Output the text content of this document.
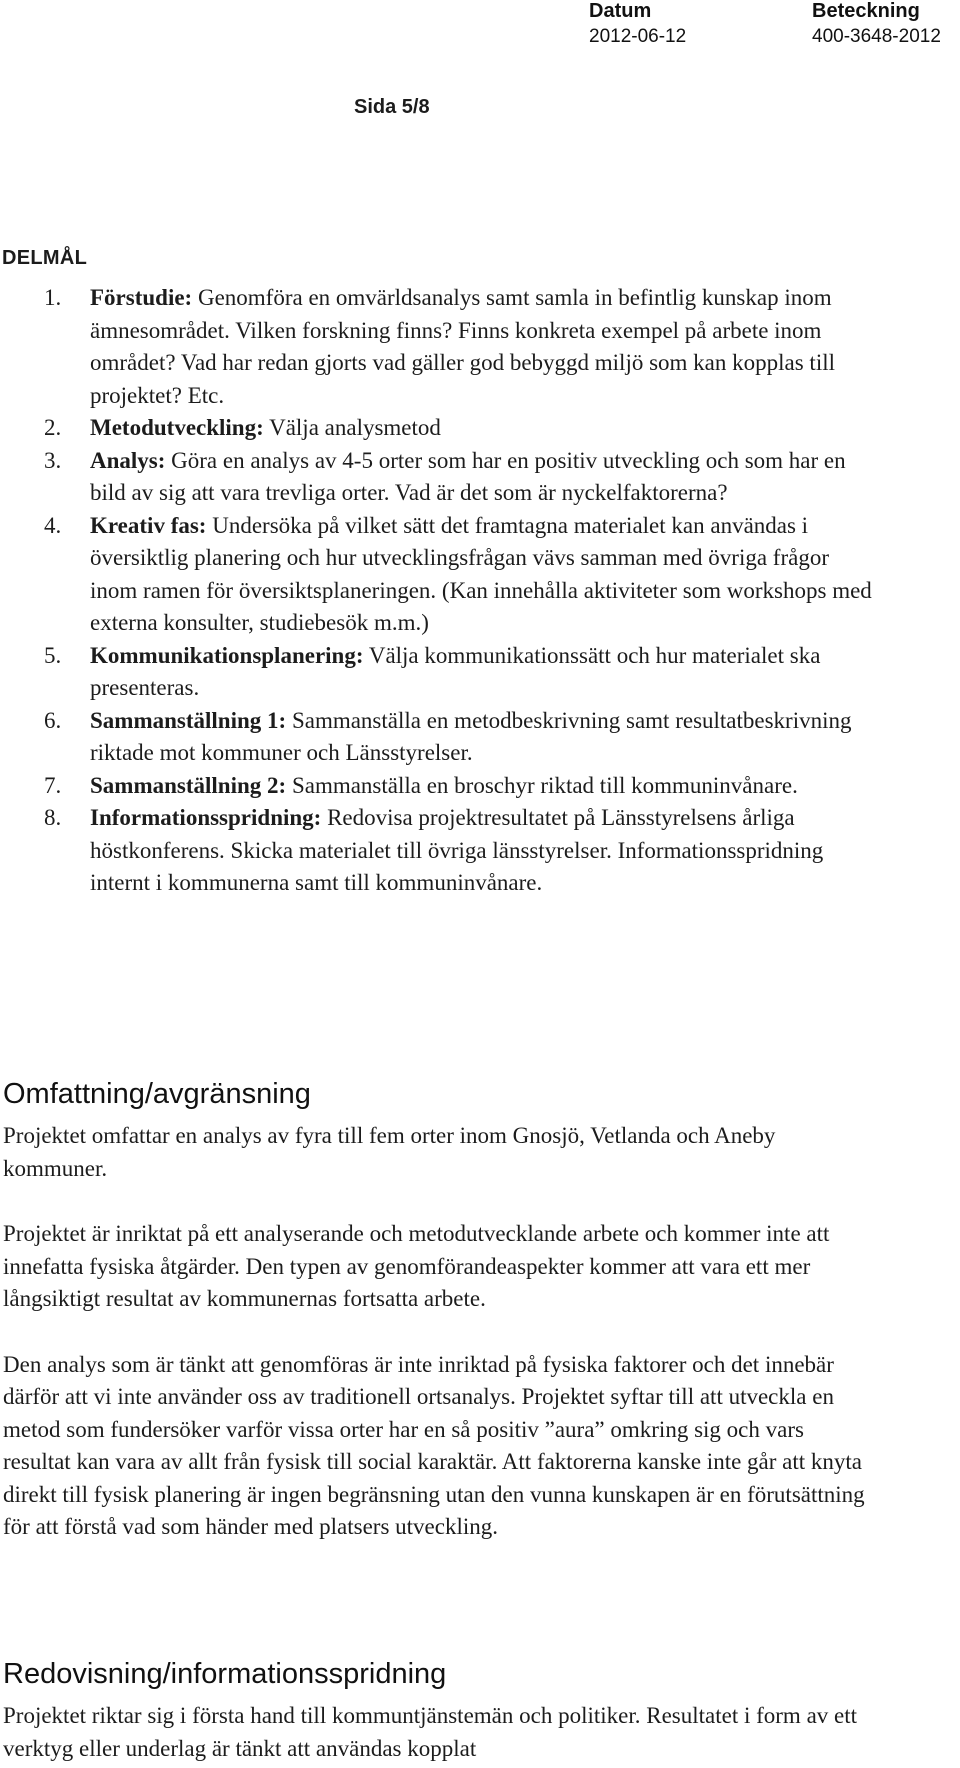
Datum
2012-06-12
Beteckning
400-3648-2012
Sida 5/8
DELMÅL
1. Förstudie: Genomföra en omvärldsanalys samt samla in befintlig kunskap inom ämnesområdet. Vilken forskning finns? Finns konkreta exempel på arbete inom området? Vad har redan gjorts vad gäller god bebyggd miljö som kan kopplas till projektet? Etc.
2. Metodutveckling: Välja analysmetod
3. Analys: Göra en analys av 4-5 orter som har en positiv utveckling och som har en bild av sig att vara trevliga orter. Vad är det som är nyckelfaktorerna?
4. Kreativ fas: Undersöka på vilket sätt det framtagna materialet kan användas i översiktlig planering och hur utvecklingsfrågan vävs samman med övriga frågor inom ramen för översiktsplaneringen. (Kan innehålla aktiviteter som workshops med externa konsulter, studiebesök m.m.)
5. Kommunikationsplanering: Välja kommunikationssätt och hur materialet ska presenteras.
6. Sammanställning 1: Sammanställa en metodbeskrivning samt resultatbeskrivning riktade mot kommuner och Länsstyrelser.
7. Sammanställning 2: Sammanställa en broschyr riktad till kommuninvånare.
8. Informationsspridning: Redovisa projektresultatet på Länsstyrelsens årliga höstkonferens. Skicka materialet till övriga länsstyrelser. Informationsspridning internt i kommunerna samt till kommuninvånare.
Omfattning/avgränsning

Projektet omfattar en analys av fyra till fem orter inom Gnosjö, Vetlanda och Aneby kommuner.

Projektet är inriktat på ett analyserande och metodutvecklande arbete och kommer inte att innefatta fysiska åtgärder. Den typen av genomförandeaspekter kommer att vara ett mer långsiktigt resultat av kommunernas fortsatta arbete.

Den analys som är tänkt att genomföras är inte inriktad på fysiska faktorer och det innebär därför att vi inte använder oss av traditionell ortsanalys. Projektet syftar till att utveckla en metod som fundersöker varför vissa orter har en så positiv ”aura” omkring sig och vars resultat kan vara av allt från fysisk till social karaktär. Att faktorerna kanske inte går att knyta direkt till fysisk planering är ingen begränsning utan den vunna kunskapen är en förutsättning för att förstå vad som händer med platsers utveckling.

Redovisning/informationsspridning

Projektet riktar sig i första hand till kommuntjänstemän och politiker. Resultatet i form av ett verktyg eller underlag är tänkt att användas kopplat
